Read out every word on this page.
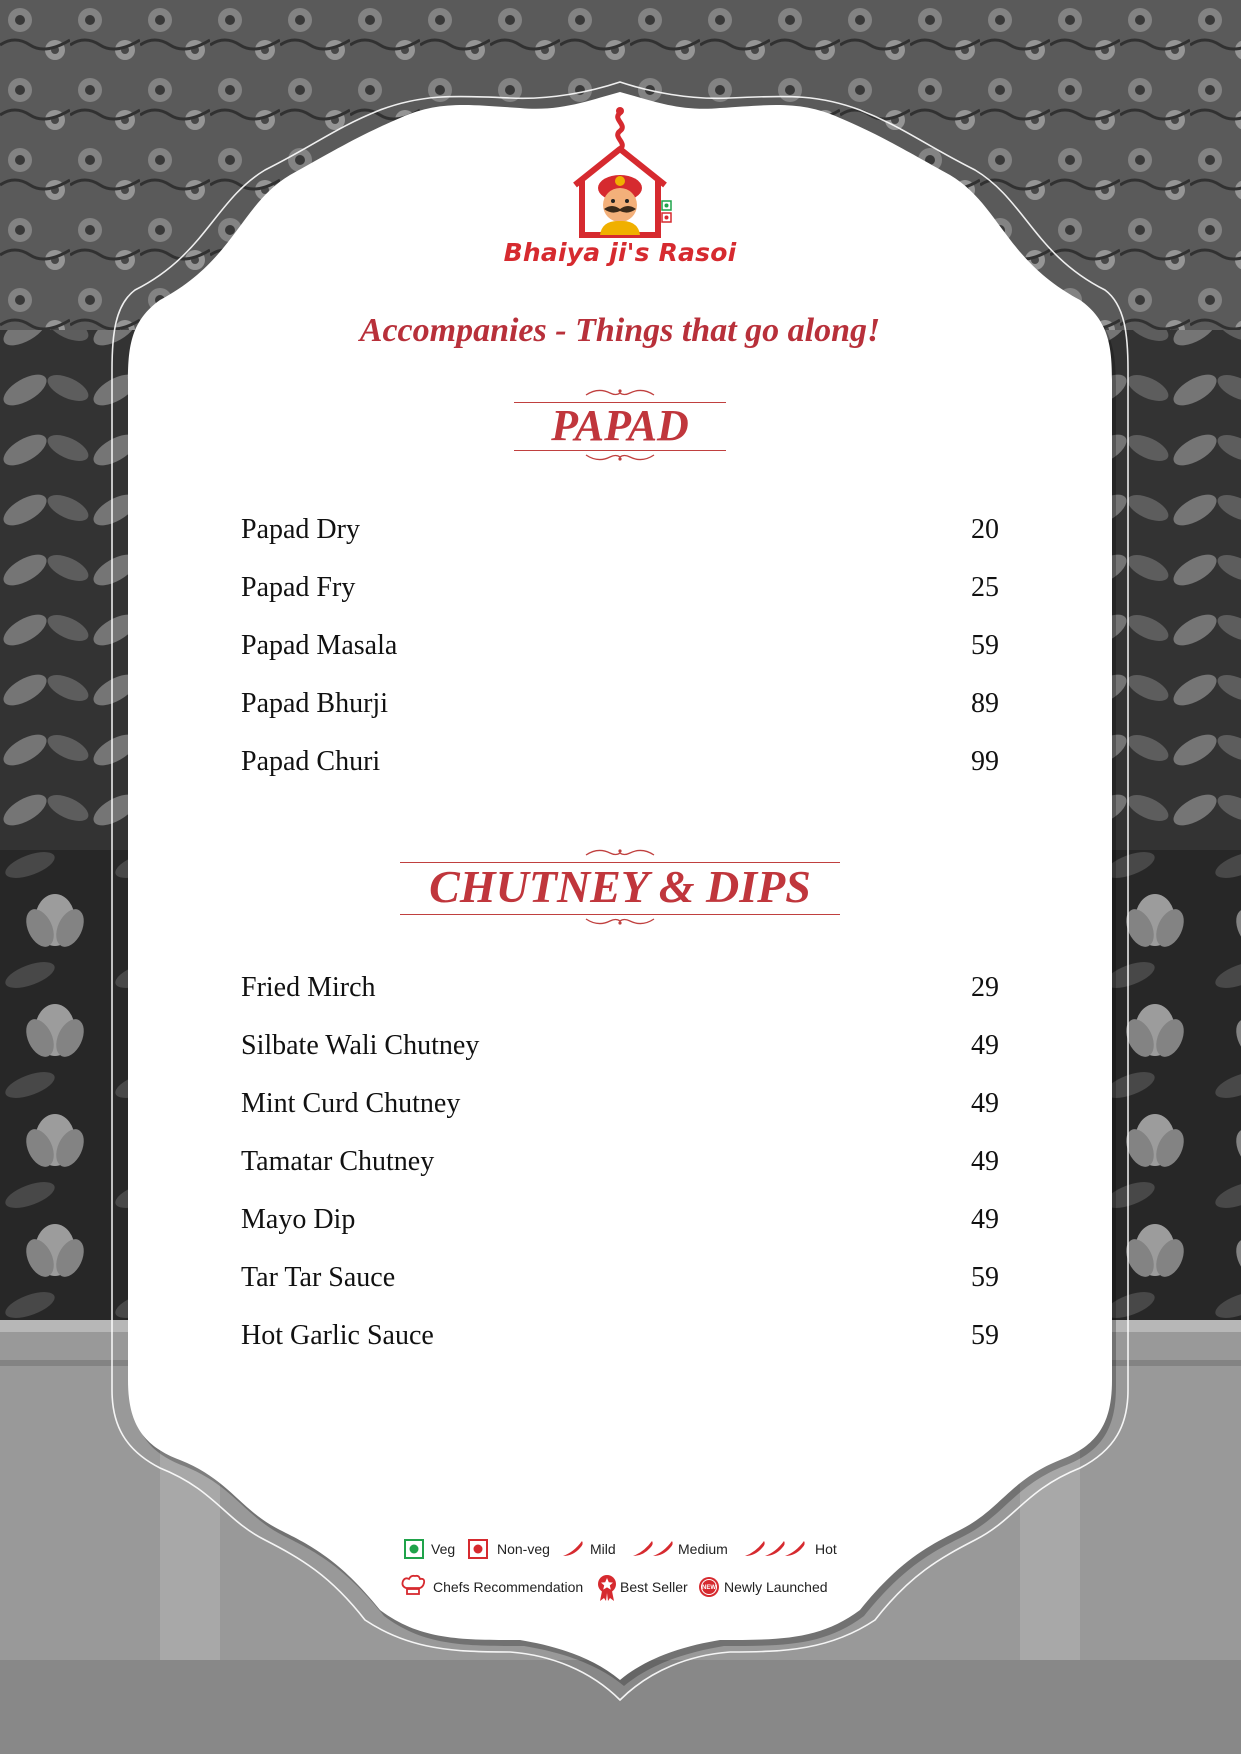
Bhaiya ji's Rasoi
Accompanies - Things that go along!
PAPAD
Papad Dry	20
Papad Fry	25
Papad Masala	59
Papad Bhurji	89
Papad Churi	99
CHUTNEY & DIPS
Fried Mirch	29
Silbate Wali Chutney	49
Mint Curd Chutney	49
Tamatar Chutney	49
Mayo Dip	49
Tar Tar Sauce	59
Hot Garlic Sauce	59
Veg	Non-veg	Mild	Medium	Hot
Chefs Recommendation	Best Seller NEW Newly Launched
